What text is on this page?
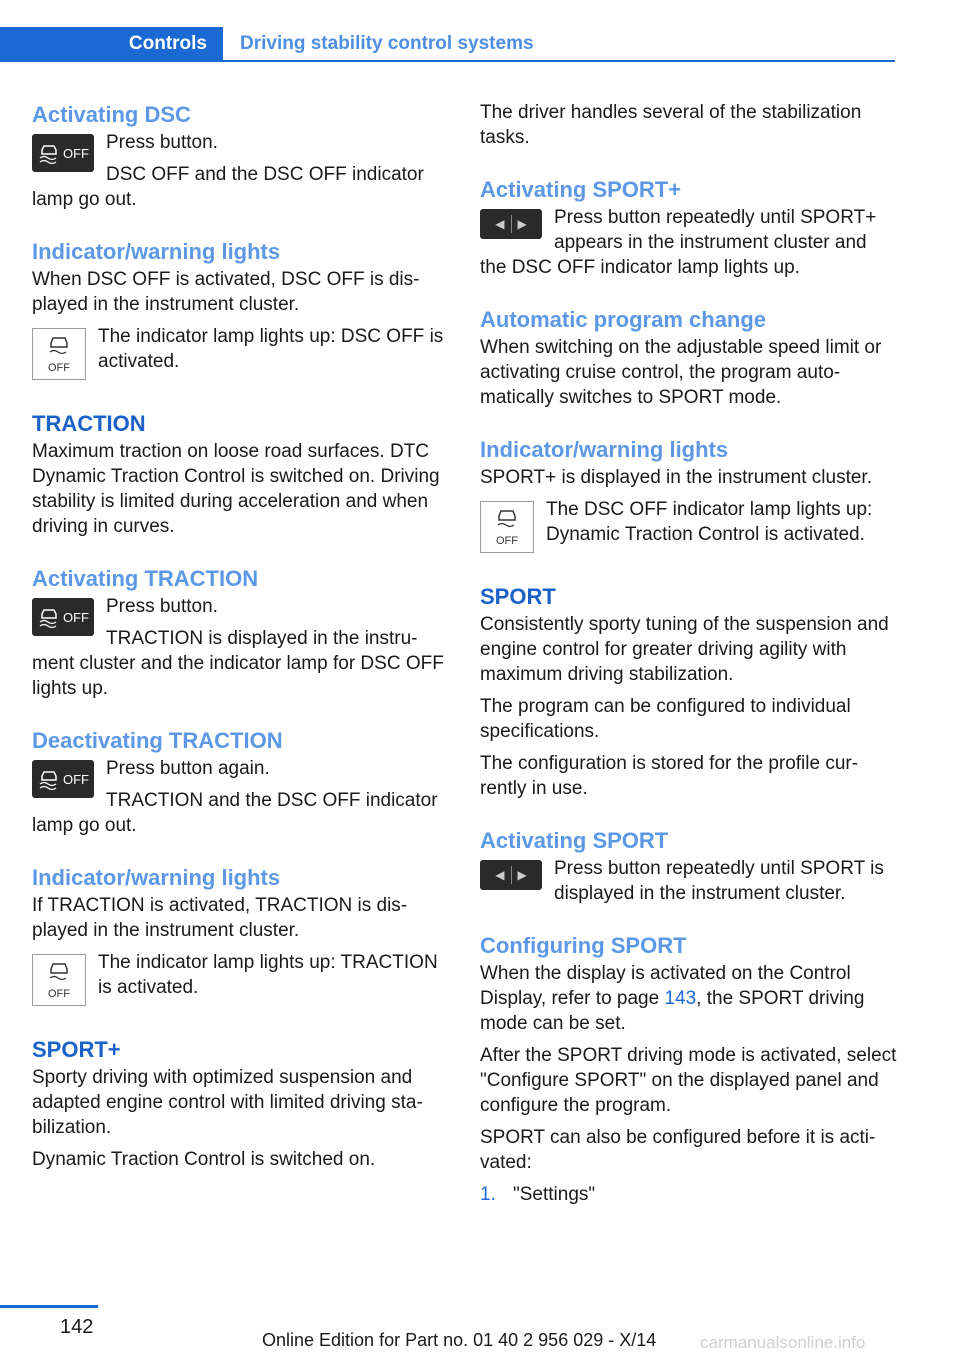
Controls	Driving stability control systems
Activating DSC
OFF Press button.

DSC OFF and the DSC OFF indicator lamp go out.

Indicator/warning lights

When DSC OFF is activated, DSC OFF is displayed in the instrument cluster.

OFF

The indicator lamp lights up: DSC OFF is activated.

TRACTION

Maximum traction on loose road surfaces. DTC Dynamic Traction Control is switched on. Driving stability is limited during acceleration and when driving in curves.

Activating TRACTION
OFF Press button.

TRACTION is displayed in the instrument cluster and the indicator lamp for DSC OFF lights up.

Deactivating TRACTION
OFF Press button again.

TRACTION and the DSC OFF indicator lamp go out.

Indicator/warning lights

If TRACTION is activated, TRACTION is displayed in the instrument cluster.

OFF

The indicator lamp lights up: TRACTION is activated.

SPORT+

Sporty driving with optimized suspension and adapted engine control with limited driving stabilization.

Dynamic Traction Control is switched on.

The driver handles several of the stabilization tasks.

Activating SPORT+
◀ ▶	Press button repeatedly until SPORT+ appears in the instrument cluster and the DSC OFF indicator lamp lights up.

Automatic program change

When switching on the adjustable speed limit or activating cruise control, the program automatically switches to SPORT mode.

Indicator/warning lights

SPORT+ is displayed in the instrument cluster.

OFF

The DSC OFF indicator lamp lights up: Dynamic Traction Control is activated.

SPORT

Consistently sporty tuning of the suspension and engine control for greater driving agility with maximum driving stabilization.

The program can be configured to individual specifications.

The configuration is stored for the profile currently in use.

Activating SPORT
◀ ▶	Press button repeatedly until SPORT is displayed in the instrument cluster.

Configuring SPORT

When the display is activated on the Control Display, refer to page 143, the SPORT driving mode can be set.

After the SPORT driving mode is activated, select "Configure SPORT" on the displayed panel and configure the program.

SPORT can also be configured before it is activated:

1. "Settings"
142
Online Edition for Part no. 01 40 2 956 029 - X/14	carmanualsonline.info
